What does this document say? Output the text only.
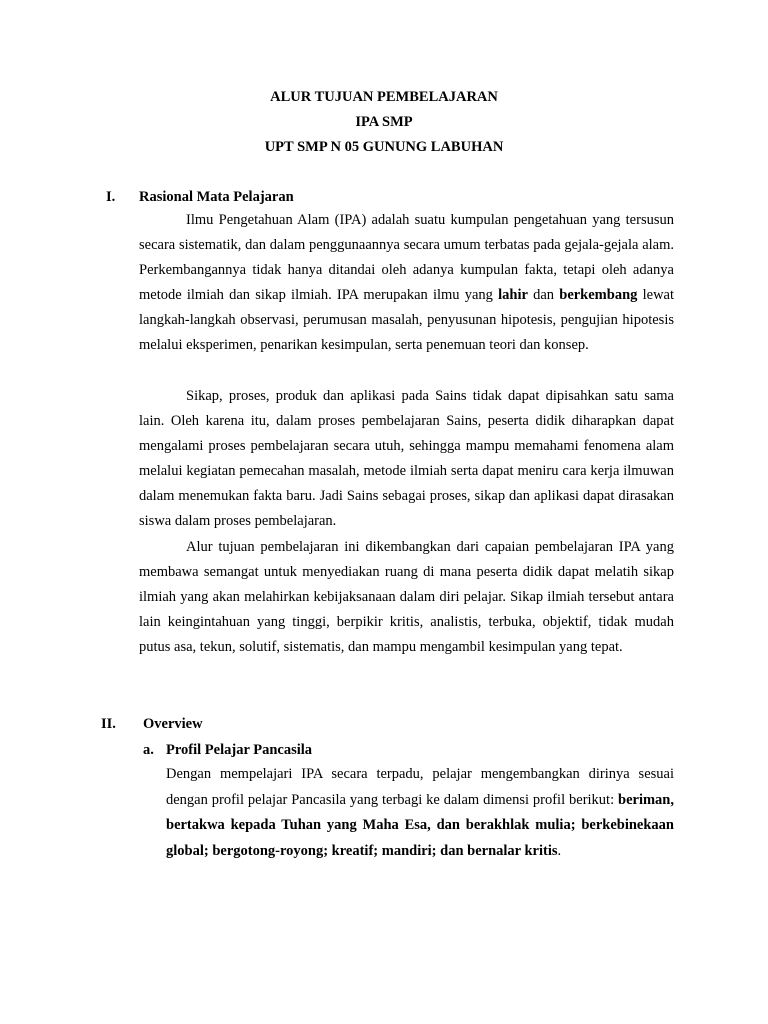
ALUR TUJUAN PEMBELAJARAN
IPA SMP
UPT SMP N 05 GUNUNG LABUHAN
I. Rasional Mata Pelajaran

Ilmu Pengetahuan Alam (IPA) adalah suatu kumpulan pengetahuan yang tersusun secara sistematik, dan dalam penggunaannya secara umum terbatas pada gejala-gejala alam. Perkembangannya tidak hanya ditandai oleh adanya kumpulan fakta, tetapi oleh adanya metode ilmiah dan sikap ilmiah. IPA merupakan ilmu yang lahir dan berkembang lewat langkah-langkah observasi, perumusan masalah, penyusunan hipotesis, pengujian hipotesis melalui eksperimen, penarikan kesimpulan, serta penemuan teori dan konsep.

Sikap, proses, produk dan aplikasi pada Sains tidak dapat dipisahkan satu sama lain. Oleh karena itu, dalam proses pembelajaran Sains, peserta didik diharapkan dapat mengalami proses pembelajaran secara utuh, sehingga mampu memahami fenomena alam melalui kegiatan pemecahan masalah, metode ilmiah serta dapat meniru cara kerja ilmuwan dalam menemukan fakta baru. Jadi Sains sebagai proses, sikap dan aplikasi dapat dirasakan siswa dalam proses pembelajaran.

Alur tujuan pembelajaran ini dikembangkan dari capaian pembelajaran IPA yang membawa semangat untuk menyediakan ruang di mana peserta didik dapat melatih sikap ilmiah yang akan melahirkan kebijaksanaan dalam diri pelajar. Sikap ilmiah tersebut antara lain keingintahuan yang tinggi, berpikir kritis, analistis, terbuka, objektif, tidak mudah putus asa, tekun, solutif, sistematis, dan mampu mengambil kesimpulan yang tepat.

II. Overview
a. Profil Pelajar Pancasila

Dengan mempelajari IPA secara terpadu, pelajar mengembangkan dirinya sesuai dengan profil pelajar Pancasila yang terbagi ke dalam dimensi profil berikut: beriman, bertakwa kepada Tuhan yang Maha Esa, dan berakhlak mulia; berkebinekaan global; bergotong-royong; kreatif; mandiri; dan bernalar kritis.
